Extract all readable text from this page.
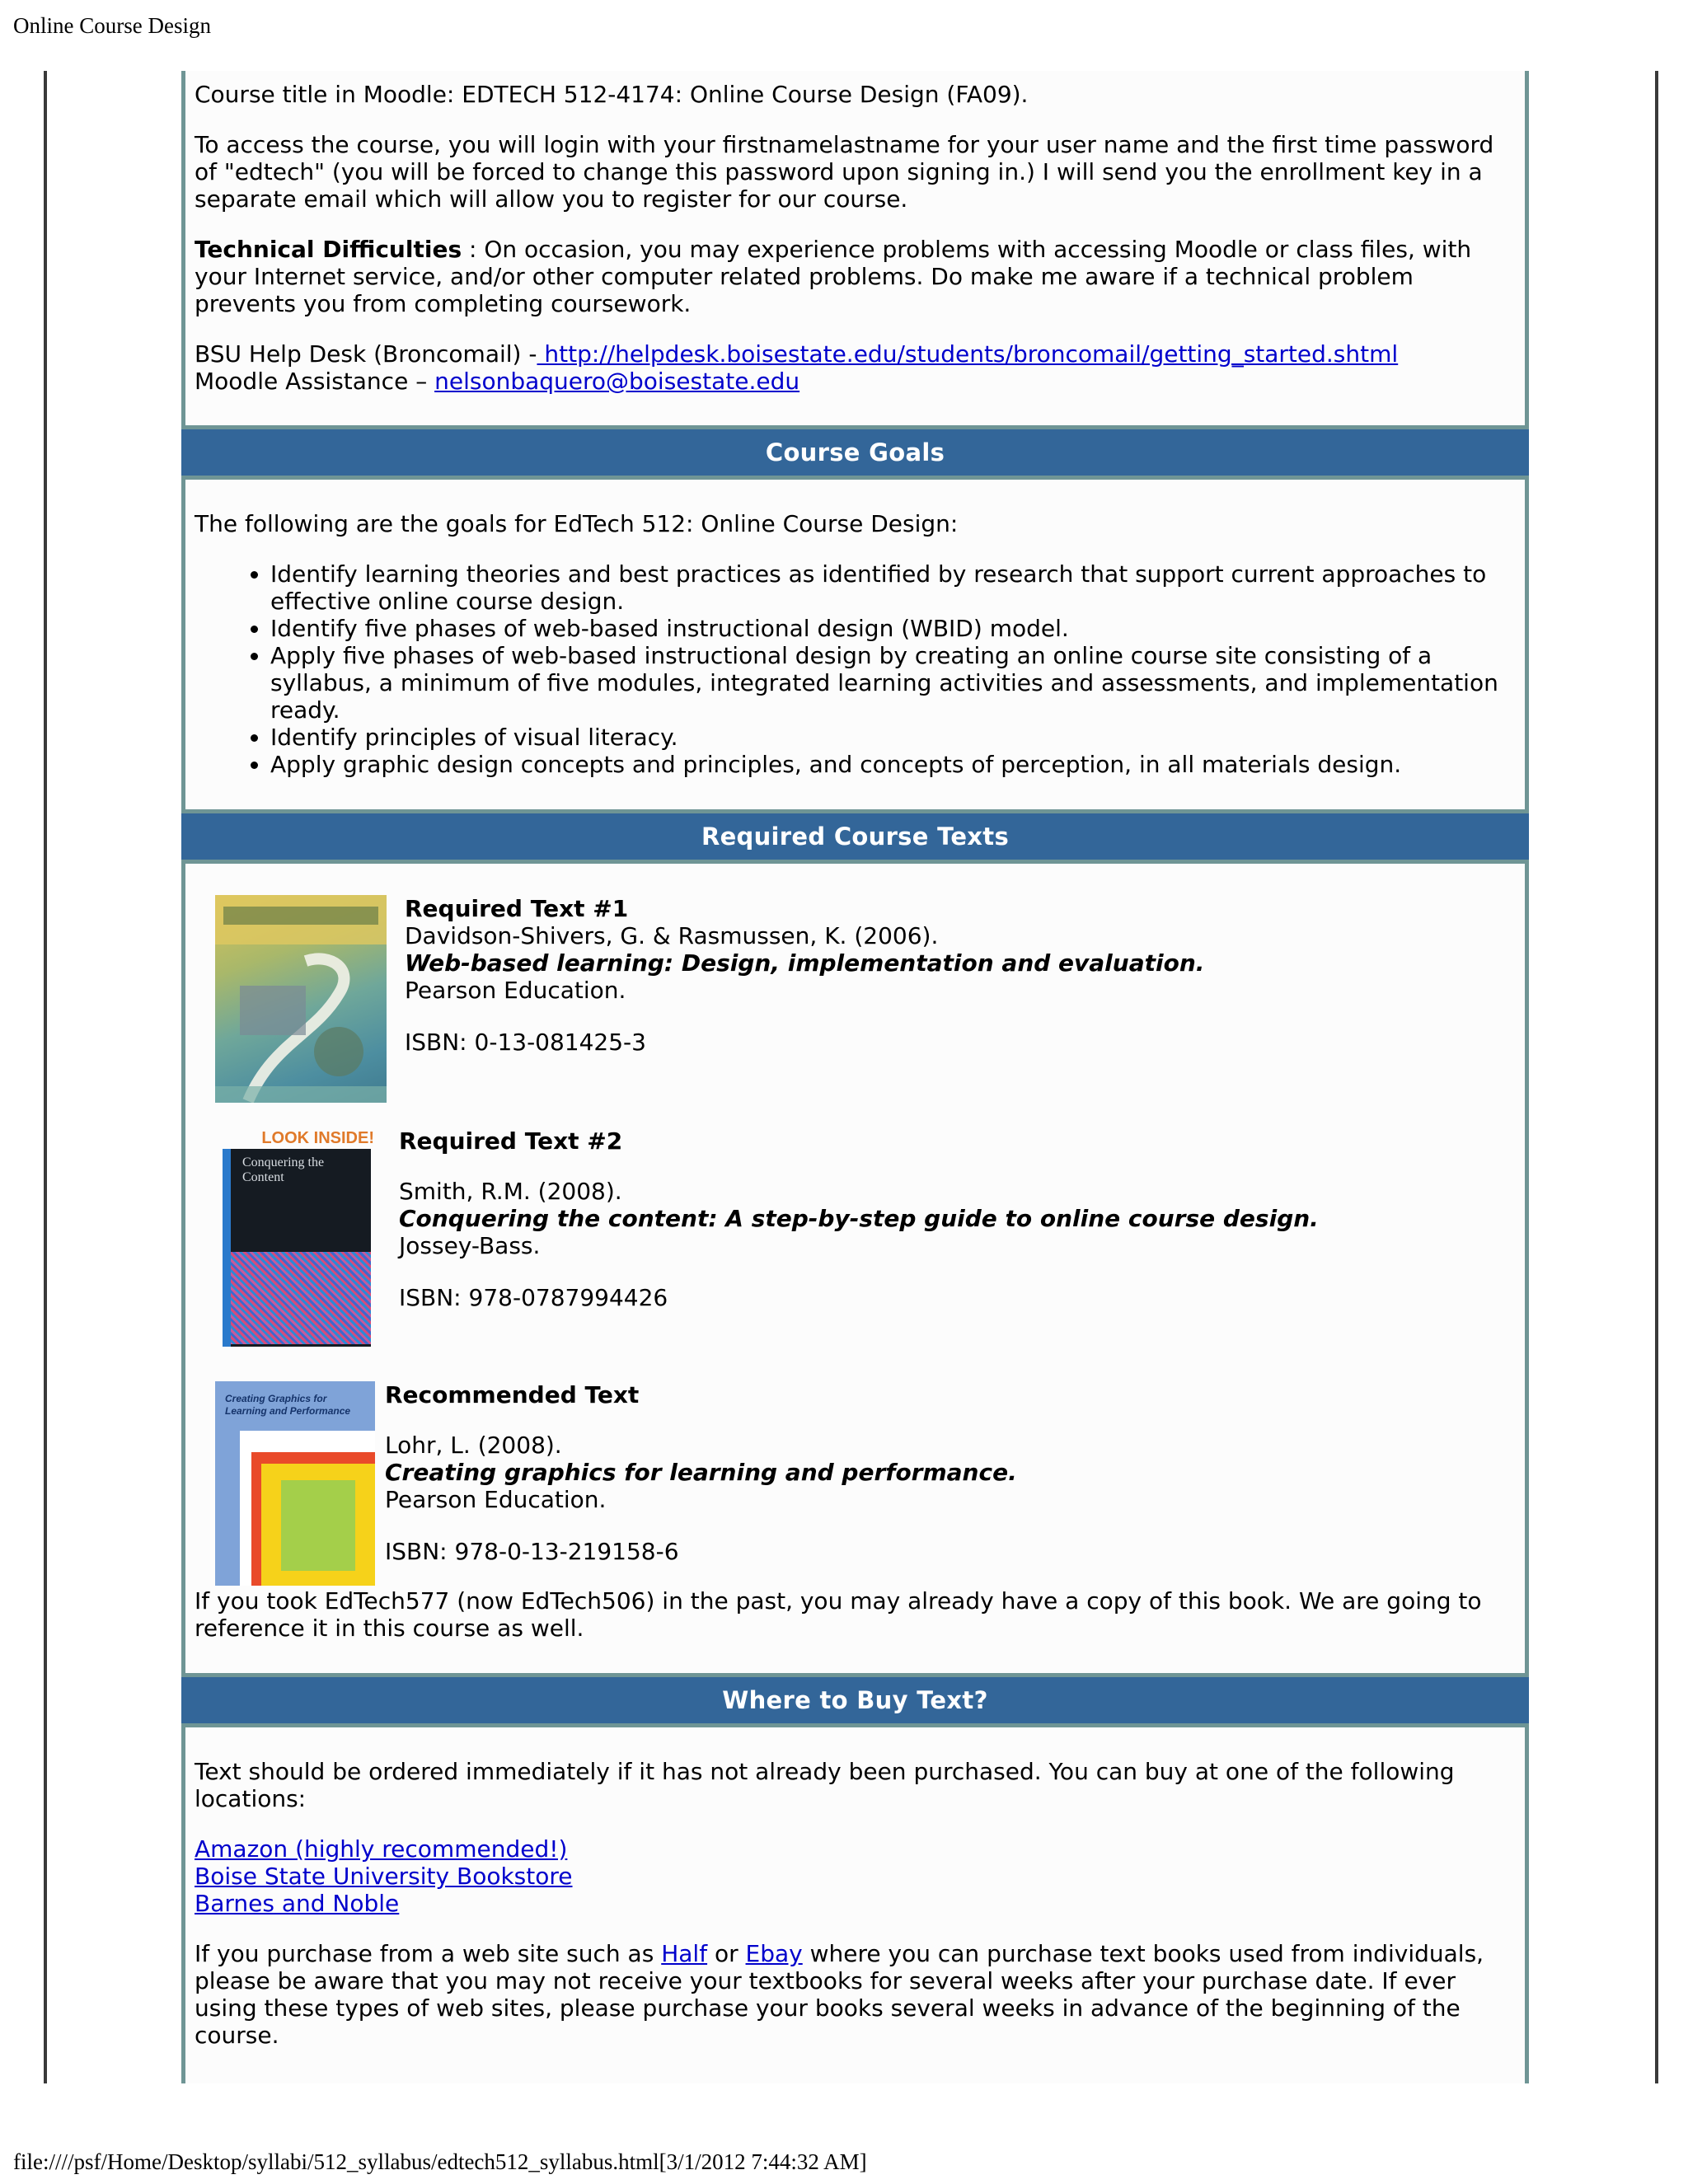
Online Course Design

Course title in Moodle: EDTECH 512-4174: Online Course Design (FA09).

To access the course, you will login with your firstnamelastname for your user name and the first time password of "edtech" (you will be forced to change this password upon signing in.) I will send you the enrollment key in a separate email which will allow you to register for our course.

Technical Difficulties : On occasion, you may experience problems with accessing Moodle or class files, with your Internet service, and/or other computer related problems. Do make me aware if a technical problem prevents you from completing coursework.

BSU Help Desk (Broncomail) - http://helpdesk.boisestate.edu/students/broncomail/getting_started.shtml

Moodle Assistance – nelsonbaquero@boisestate.edu

Course Goals

The following are the goals for EdTech 512: Online Course Design:

• Identify learning theories and best practices as identified by research that support current approaches to effective online course design.
• Identify five phases of web-based instructional design (WBID) model.
• Apply five phases of web-based instructional design by creating an online course site consisting of a syllabus, a minimum of five modules, integrated learning activities and assessments, and implementation ready.
• Identify principles of visual literacy.
• Apply graphic design concepts and principles, and concepts of perception, in all materials design.
Required Course Texts

Required Text #1

Davidson-Shivers, G. & Rasmussen, K. (2006).

Web-based learning: Design, implementation and evaluation.

Pearson Education.

ISBN: 0-13-081425-3

LOOK INSIDE!
Conquering the Content

Required Text #2

Smith, R.M. (2008).

Conquering the content: A step-by-step guide to online course design.

Jossey-Bass.

ISBN: 978-0787994426

Creating Graphics for Learning and Performance

Recommended Text

Lohr, L. (2008).

Creating graphics for learning and performance.

Pearson Education.

ISBN: 978-0-13-219158-6

If you took EdTech577 (now EdTech506) in the past, you may already have a copy of this book. We are going to reference it in this course as well.

Where to Buy Text?

Text should be ordered immediately if it has not already been purchased. You can buy at one of the following locations:

Amazon (highly recommended!)

Boise State University Bookstore

Barnes and Noble

If you purchase from a web site such as Half or Ebay where you can purchase text books used from individuals, please be aware that you may not receive your textbooks for several weeks after your purchase date. If ever using these types of web sites, please purchase your books several weeks in advance of the beginning of the course.

file:////psf/Home/Desktop/syllabi/512_syllabus/edtech512_syllabus.html[3/1/2012 7:44:32 AM]
